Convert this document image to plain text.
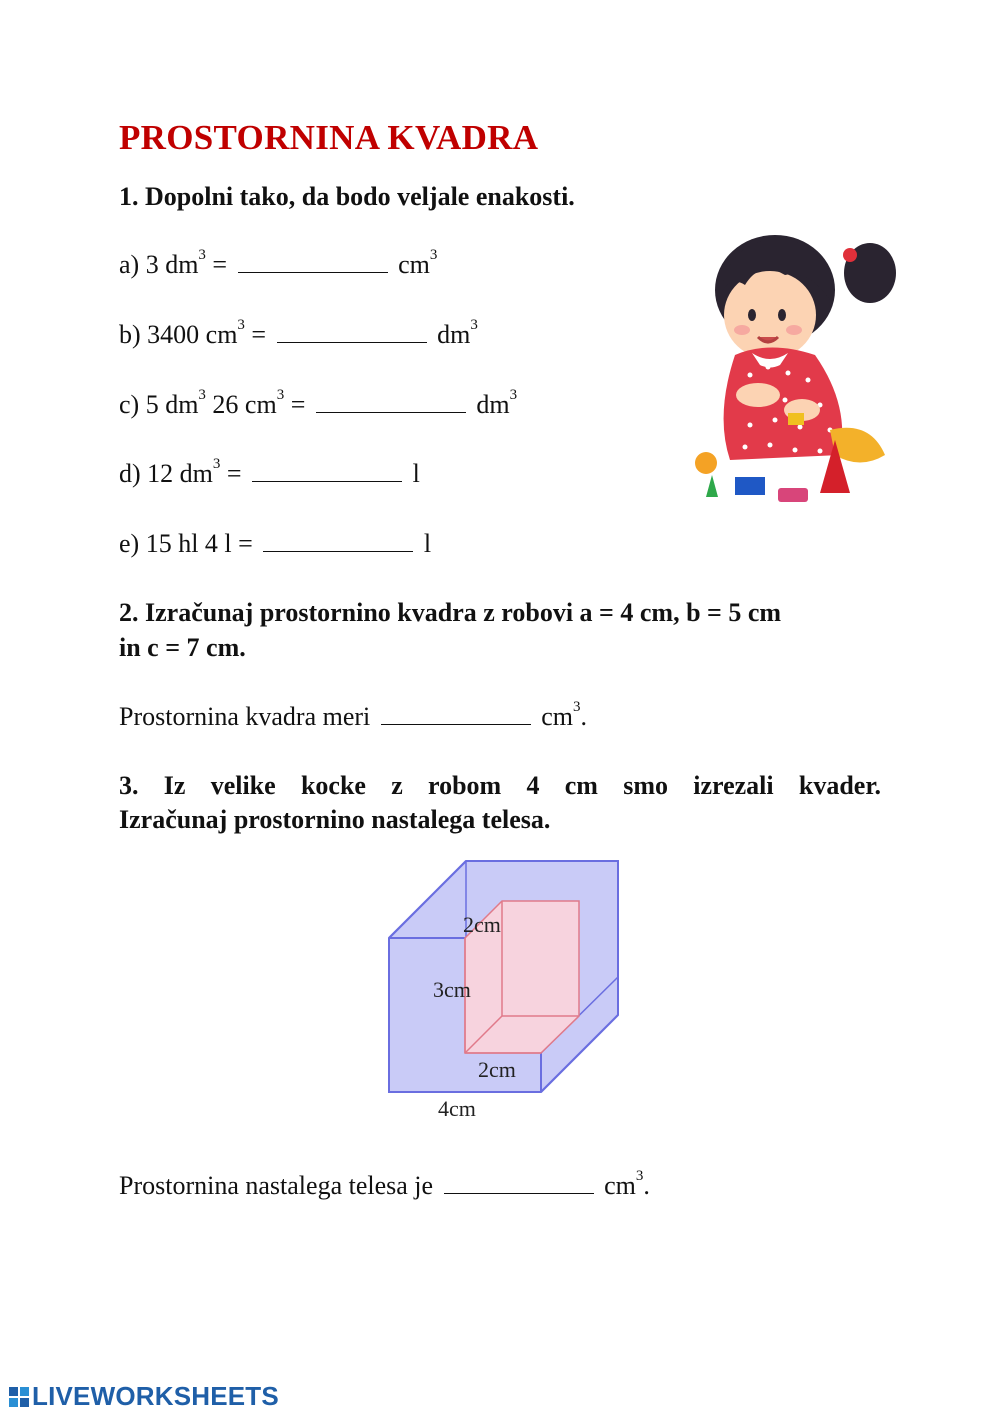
PROSTORNINA KVADRA
1. Dopolni tako, da bodo veljale enakosti.
a) 3 $dm^3$ =	$cm^3$
b) 3400 $cm^3$ =	$dm^3$
c) 5 $dm^3$ 26 $cm^3$ =	$dm^3$
d) 12 $dm^3$ =	l
e) 15 hl 4 l =	l
2. Izračunaj prostornino kvadra z robovi a = 4 cm, b = 5 cm
in c = 7 cm.
Prostornina kvadra meri	$cm^3$.
3. Iz velike kocke z robom 4 cm smo izrezali kvader.
Izračunaj prostornino nastalega telesa.
2cm
3cm
2cm
4cm
Prostornina nastalega telesa je	$cm^3$.
LIVEWORKSHEETS
